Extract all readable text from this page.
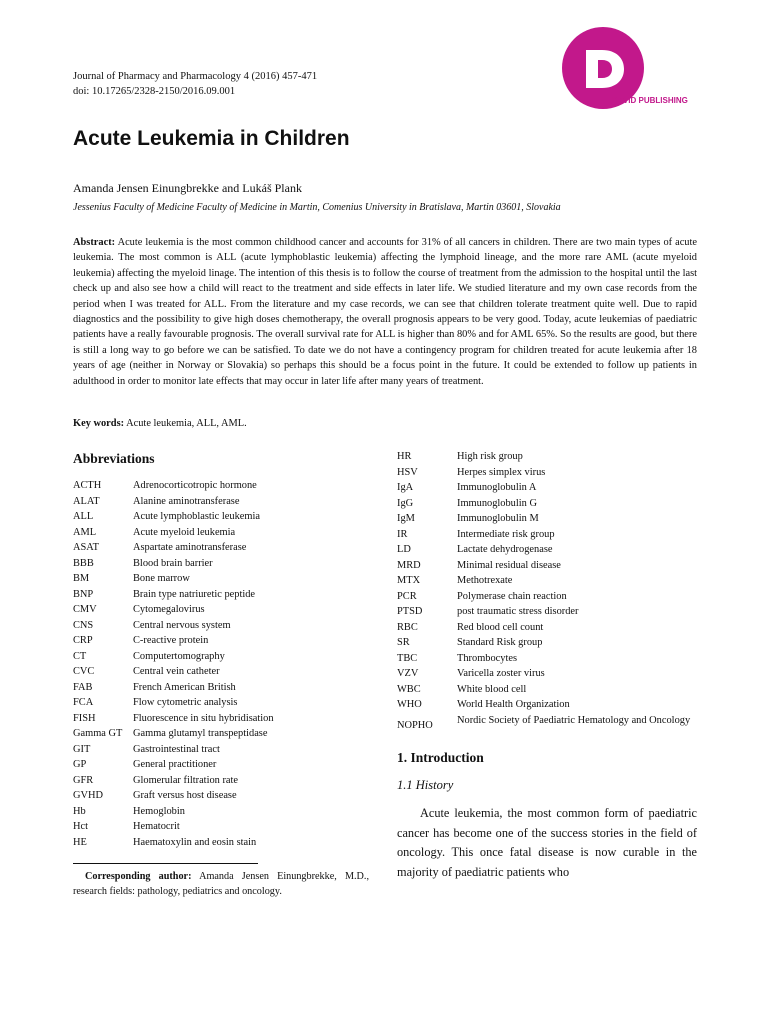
Journal of Pharmacy and Pharmacology 4 (2016) 457-471
doi: 10.17265/2328-2150/2016.09.001
DAVID PUBLISHING
Acute Leukemia in Children
Amanda Jensen Einungbrekke and Lukáš Plank
Jessenius Faculty of Medicine Faculty of Medicine in Martin, Comenius University in Bratislava, Martin 03601, Slovakia

Abstract: Acute leukemia is the most common childhood cancer and accounts for 31% of all cancers in children. There are two main types of acute leukemia. The most common is ALL (acute lymphoblastic leukemia) affecting the lymphoid lineage, and the more rare AML (acute myeloid leukemia) affecting the myeloid linage. The intention of this thesis is to follow the course of treatment from the admission to the hospital until the last check up and also see how a child will react to the treatment and side effects in later life. We studied literature and my own case records from the period when I was treated for ALL. From the literature and my case records, we can see that children tolerate treatment quite well. Due to rapid diagnostics and the possibility to give high doses chemotherapy, the overall prognosis appears to be very good. Today, acute leukemias of paediatric patients have a really favourable prognosis. The overall survival rate for ALL is higher than 80% and for AML 65%. So the results are good, but there is still a long way to go before we can be satisfied. To date we do not have a contingency program for children treated for acute leukemia after 18 years of age (neither in Norway or Slovakia) so perhaps this should be a focus point in the future. It could be extended to follow up patients in adulthood in order to monitor late effects that may occur in later life after many years of treatment.

Key words: Acute leukemia, ALL, AML.
Abbreviations
ACTH	Adrenocorticotropic hormone
ALAT	Alanine aminotransferase
ALL	Acute lymphoblastic leukemia
AML	Acute myeloid leukemia
ASAT	Aspartate aminotransferase
BBB	Blood brain barrier
BM	Bone marrow
BNP	Brain type natriuretic peptide
CMV	Cytomegalovirus
CNS	Central nervous system
CRP	C-reactive protein
CT	Computertomography
CVC	Central vein catheter
FAB	French American British
FCA	Flow cytometric analysis
FISH	Fluorescence in situ hybridisation
Gamma GT	Gamma glutamyl transpeptidase
GIT	Gastrointestinal tract
GP	General practitioner
GFR	Glomerular filtration rate
GVHD	Graft versus host disease
Hb	Hemoglobin
Hct	Hematocrit
HE	Haematoxylin and eosin stain
HR	High risk group
HSV	Herpes simplex virus
IgA	Immunoglobulin A
IgG	Immunoglobulin G
IgM	Immunoglobulin M
IR	Intermediate risk group
LD	Lactate dehydrogenase
MRD	Minimal residual disease
MTX	Methotrexate
PCR	Polymerase chain reaction
PTSD	post traumatic stress disorder
RBC	Red blood cell count
SR	Standard Risk group
TBC	Thrombocytes
VZV	Varicella zoster virus
WBC	White blood cell
WHO	World Health Organization
NOPHO	Nordic Society of Paediatric Hematology and Oncology
1. Introduction
1.1 History

Acute leukemia, the most common form of paediatric cancer has become one of the success stories in the field of oncology. This once fatal disease is now curable in the majority of paediatric patients who

Corresponding author: Amanda Jensen Einungbrekke, M.D., research fields: pathology, pediatrics and oncology.
